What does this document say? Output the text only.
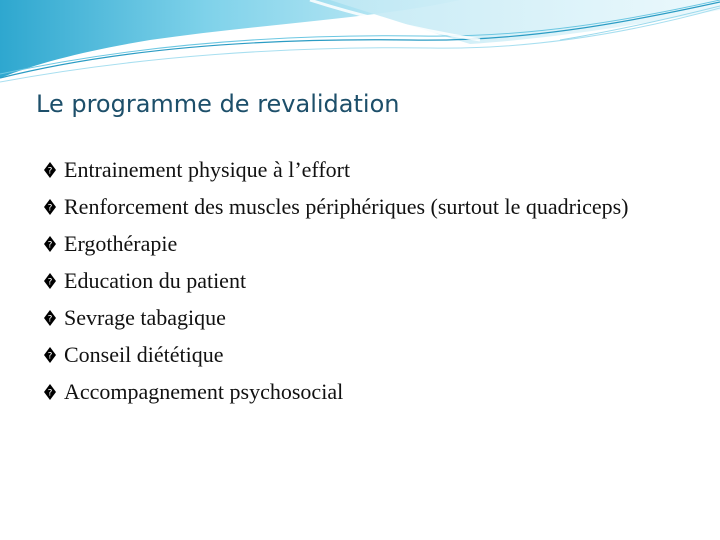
Le programme de revalidation
? Entrainement physique à l’effort
? Renforcement des muscles périphériques (surtout le quadriceps)
? Ergothérapie
? Education du patient
? Sevrage tabagique
? Conseil diététique
? Accompagnement psychosocial
